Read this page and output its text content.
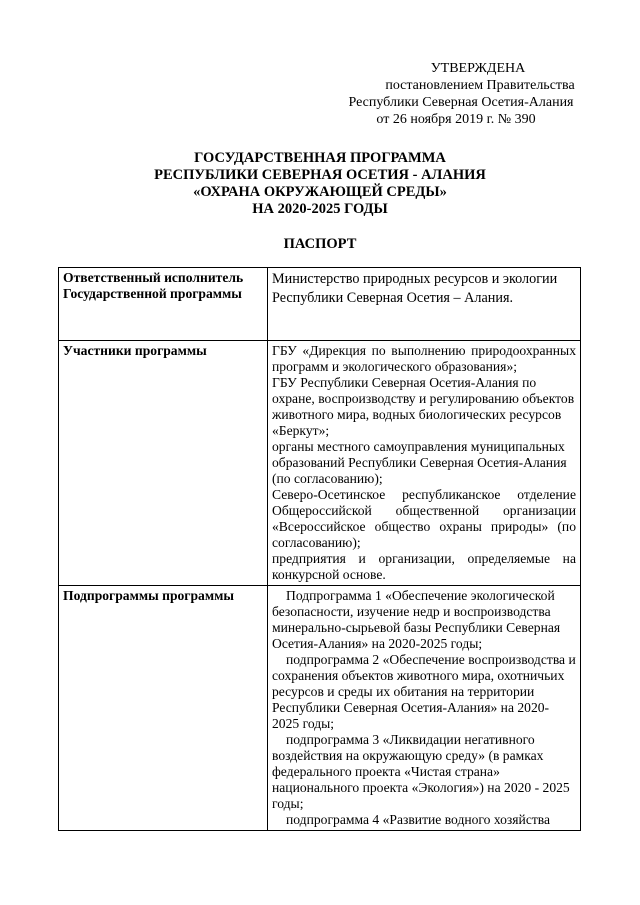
УТВЕРЖДЕНА
постановлением Правительства
Республики Северная Осетия-Алания
от 26 ноября 2019 г. № 390
ГОСУДАРСТВЕННАЯ ПРОГРАММА
РЕСПУБЛИКИ СЕВЕРНАЯ ОСЕТИЯ - АЛАНИЯ
«ОХРАНА ОКРУЖАЮЩЕЙ СРЕДЫ»
НА 2020-2025 ГОДЫ
ПАСПОРТ
Ответственный исполнитель Государственной программы	Министерство природных ресурсов и экологии Республики Северная Осетия – Алания.
Участники программы	ГБУ «Дирекция по выполнению природоохранных программ и экологического образования»;

ГБУ Республики Северная Осетия-Алания по охране, воспроизводству и регулированию объектов животного мира, водных биологических ресурсов «Беркут»;

органы местного самоуправления муниципальных образований Республики Северная Осетия-Алания (по согласованию);

Северо-Осетинское республиканское отделение Общероссийской общественной организации «Всероссийское общество охраны природы» (по согласованию);

предприятия и организации, определяемые на конкурсной основе.

Подпрограммы программы	Подпрограмма 1 «Обеспечение экологической безопасности, изучение недр и воспроизводства минерально-сырьевой базы Республики Северная Осетия-Алания» на 2020-2025 годы;

подпрограмма 2 «Обеспечение воспроизводства и сохранения объектов животного мира, охотничьих ресурсов и среды их обитания на территории Республики Северная Осетия-Алания» на 2020-2025 годы;

подпрограмма 3 «Ликвидации негативного воздействия на окружающую среду» (в рамках федерального проекта «Чистая страна» национального проекта «Экология») на 2020 - 2025 годы;

подпрограмма 4 «Развитие водного хозяйства
